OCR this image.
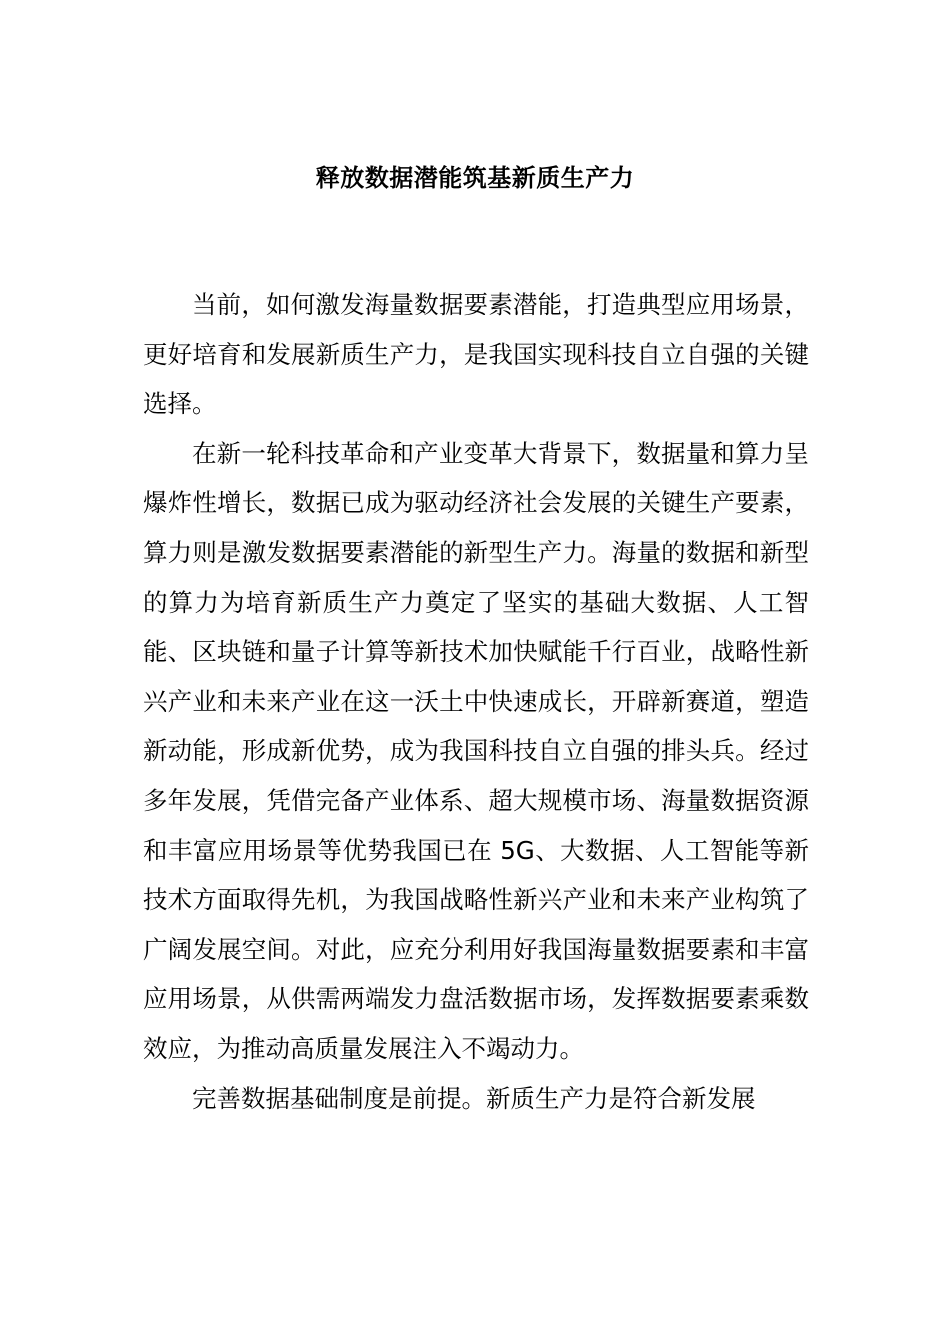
释放数据潜能筑基新质生产力

当前，如何激发海量数据要素潜能，打造典型应用场景，更好培育和发展新质生产力，是我国实现科技自立自强的关键选择。

在新一轮科技革命和产业变革大背景下，数据量和算力呈爆炸性增长，数据已成为驱动经济社会发展的关键生产要素，算力则是激发数据要素潜能的新型生产力。海量的数据和新型的算力为培育新质生产力奠定了坚实的基础大数据、人工智能、区块链和量子计算等新技术加快赋能千行百业，战略性新兴产业和未来产业在这一沃土中快速成长，开辟新赛道，塑造新动能，形成新优势，成为我国科技自立自强的排头兵。经过多年发展，凭借完备产业体系、超大规模市场、海量数据资源和丰富应用场景等优势我国已在 5G、大数据、人工智能等新技术方面取得先机，为我国战略性新兴产业和未来产业构筑了广阔发展空间。对此，应充分利用好我国海量数据要素和丰富应用场景，从供需两端发力盘活数据市场，发挥数据要素乘数效应，为推动高质量发展注入不竭动力。

完善数据基础制度是前提。新质生产力是符合新发展
